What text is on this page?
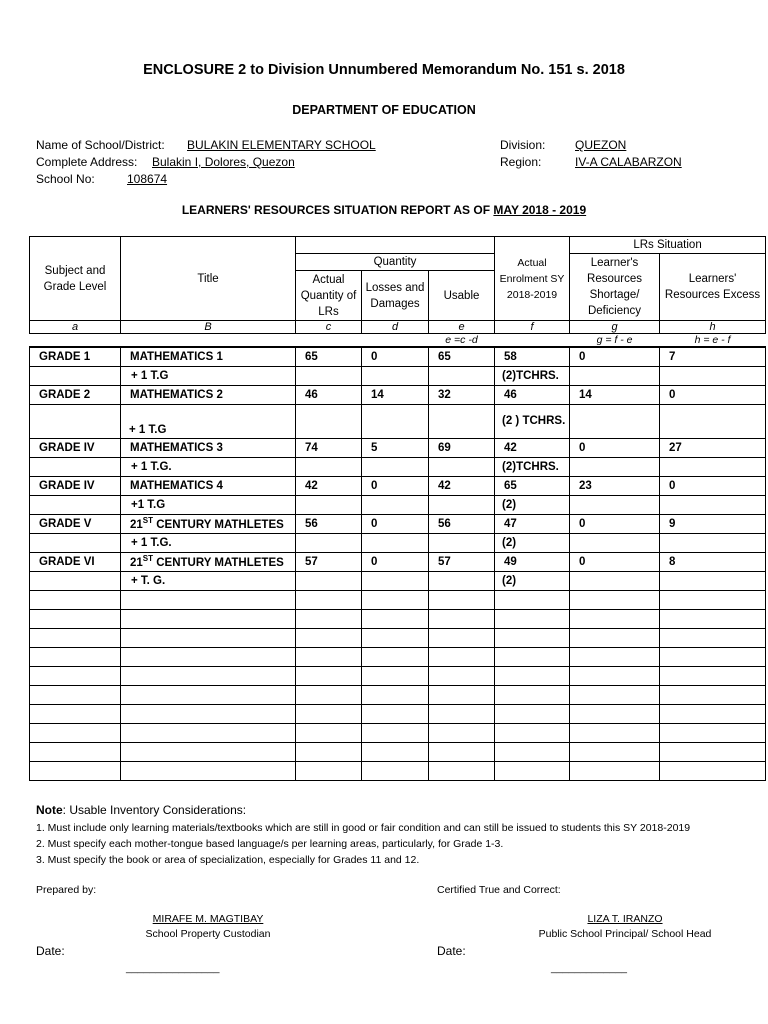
ENCLOSURE 2 to Division Unnumbered Memorandum No. 151 s. 2018
DEPARTMENT OF EDUCATION
Name of School/District: BULAKIN ELEMENTARY SCHOOL
Complete Address: Bulakin I, Dolores, Quezon
School No:	108674
Division: QUEZON
Region:	IV-A CALABARZON
LEARNERS' RESOURCES SITUATION REPORT AS OF MAY 2018 - 2019
Subject and Grade Level	Title				Actual Enrolment SY 2018-2019	LRs Situation	
		Quantity				Learner's Resources Shortage/ Deficiency	Learners' Resources Excess
		Actual Quantity of LRs	Losses and Damages	Usable			
a	B	c	d	e	f	g	h
				e =c -d		g = f - e	h = e - f
GRADE 1	MATHEMATICS 1	65	0	65	58	0	7
	+ 1 T.G				(2)TCHRS.		
GRADE 2	MATHEMATICS 2	46	14	32	46	14	0
	+ 1 T.G				(2 ) TCHRS.		
GRADE IV	MATHEMATICS 3	74	5	69	42	0	27
	+ 1 T.G.				(2)TCHRS.		
GRADE IV	MATHEMATICS 4	42	0	42	65	23	0
	+1 T.G				(2)		
GRADE V	21ST CENTURY MATHLETES	56	0	56	47	0	9
	+ 1 T.G.				(2)		
GRADE VI	21ST CENTURY MATHLETES	57	0	57	49	0	8
	+ T. G.				(2)		

Note: Usable Inventory Considerations:
1. Must include only learning materials/textbooks which are still in good or fair condition and can still be issued to students this SY 2018-2019
2. Must specify each mother-tongue based language/s per learning areas, particularly, for Grade 1-3.
3. Must specify the book or area of specialization, especially for Grades 11 and 12.
Prepared by:	Certified True and Correct:
MIRAFE M. MAGTIBAY
School Property Custodian
LIZA T. IRANZO
Public School Principal/ School Head
Date:	Date:
________________	_____________
